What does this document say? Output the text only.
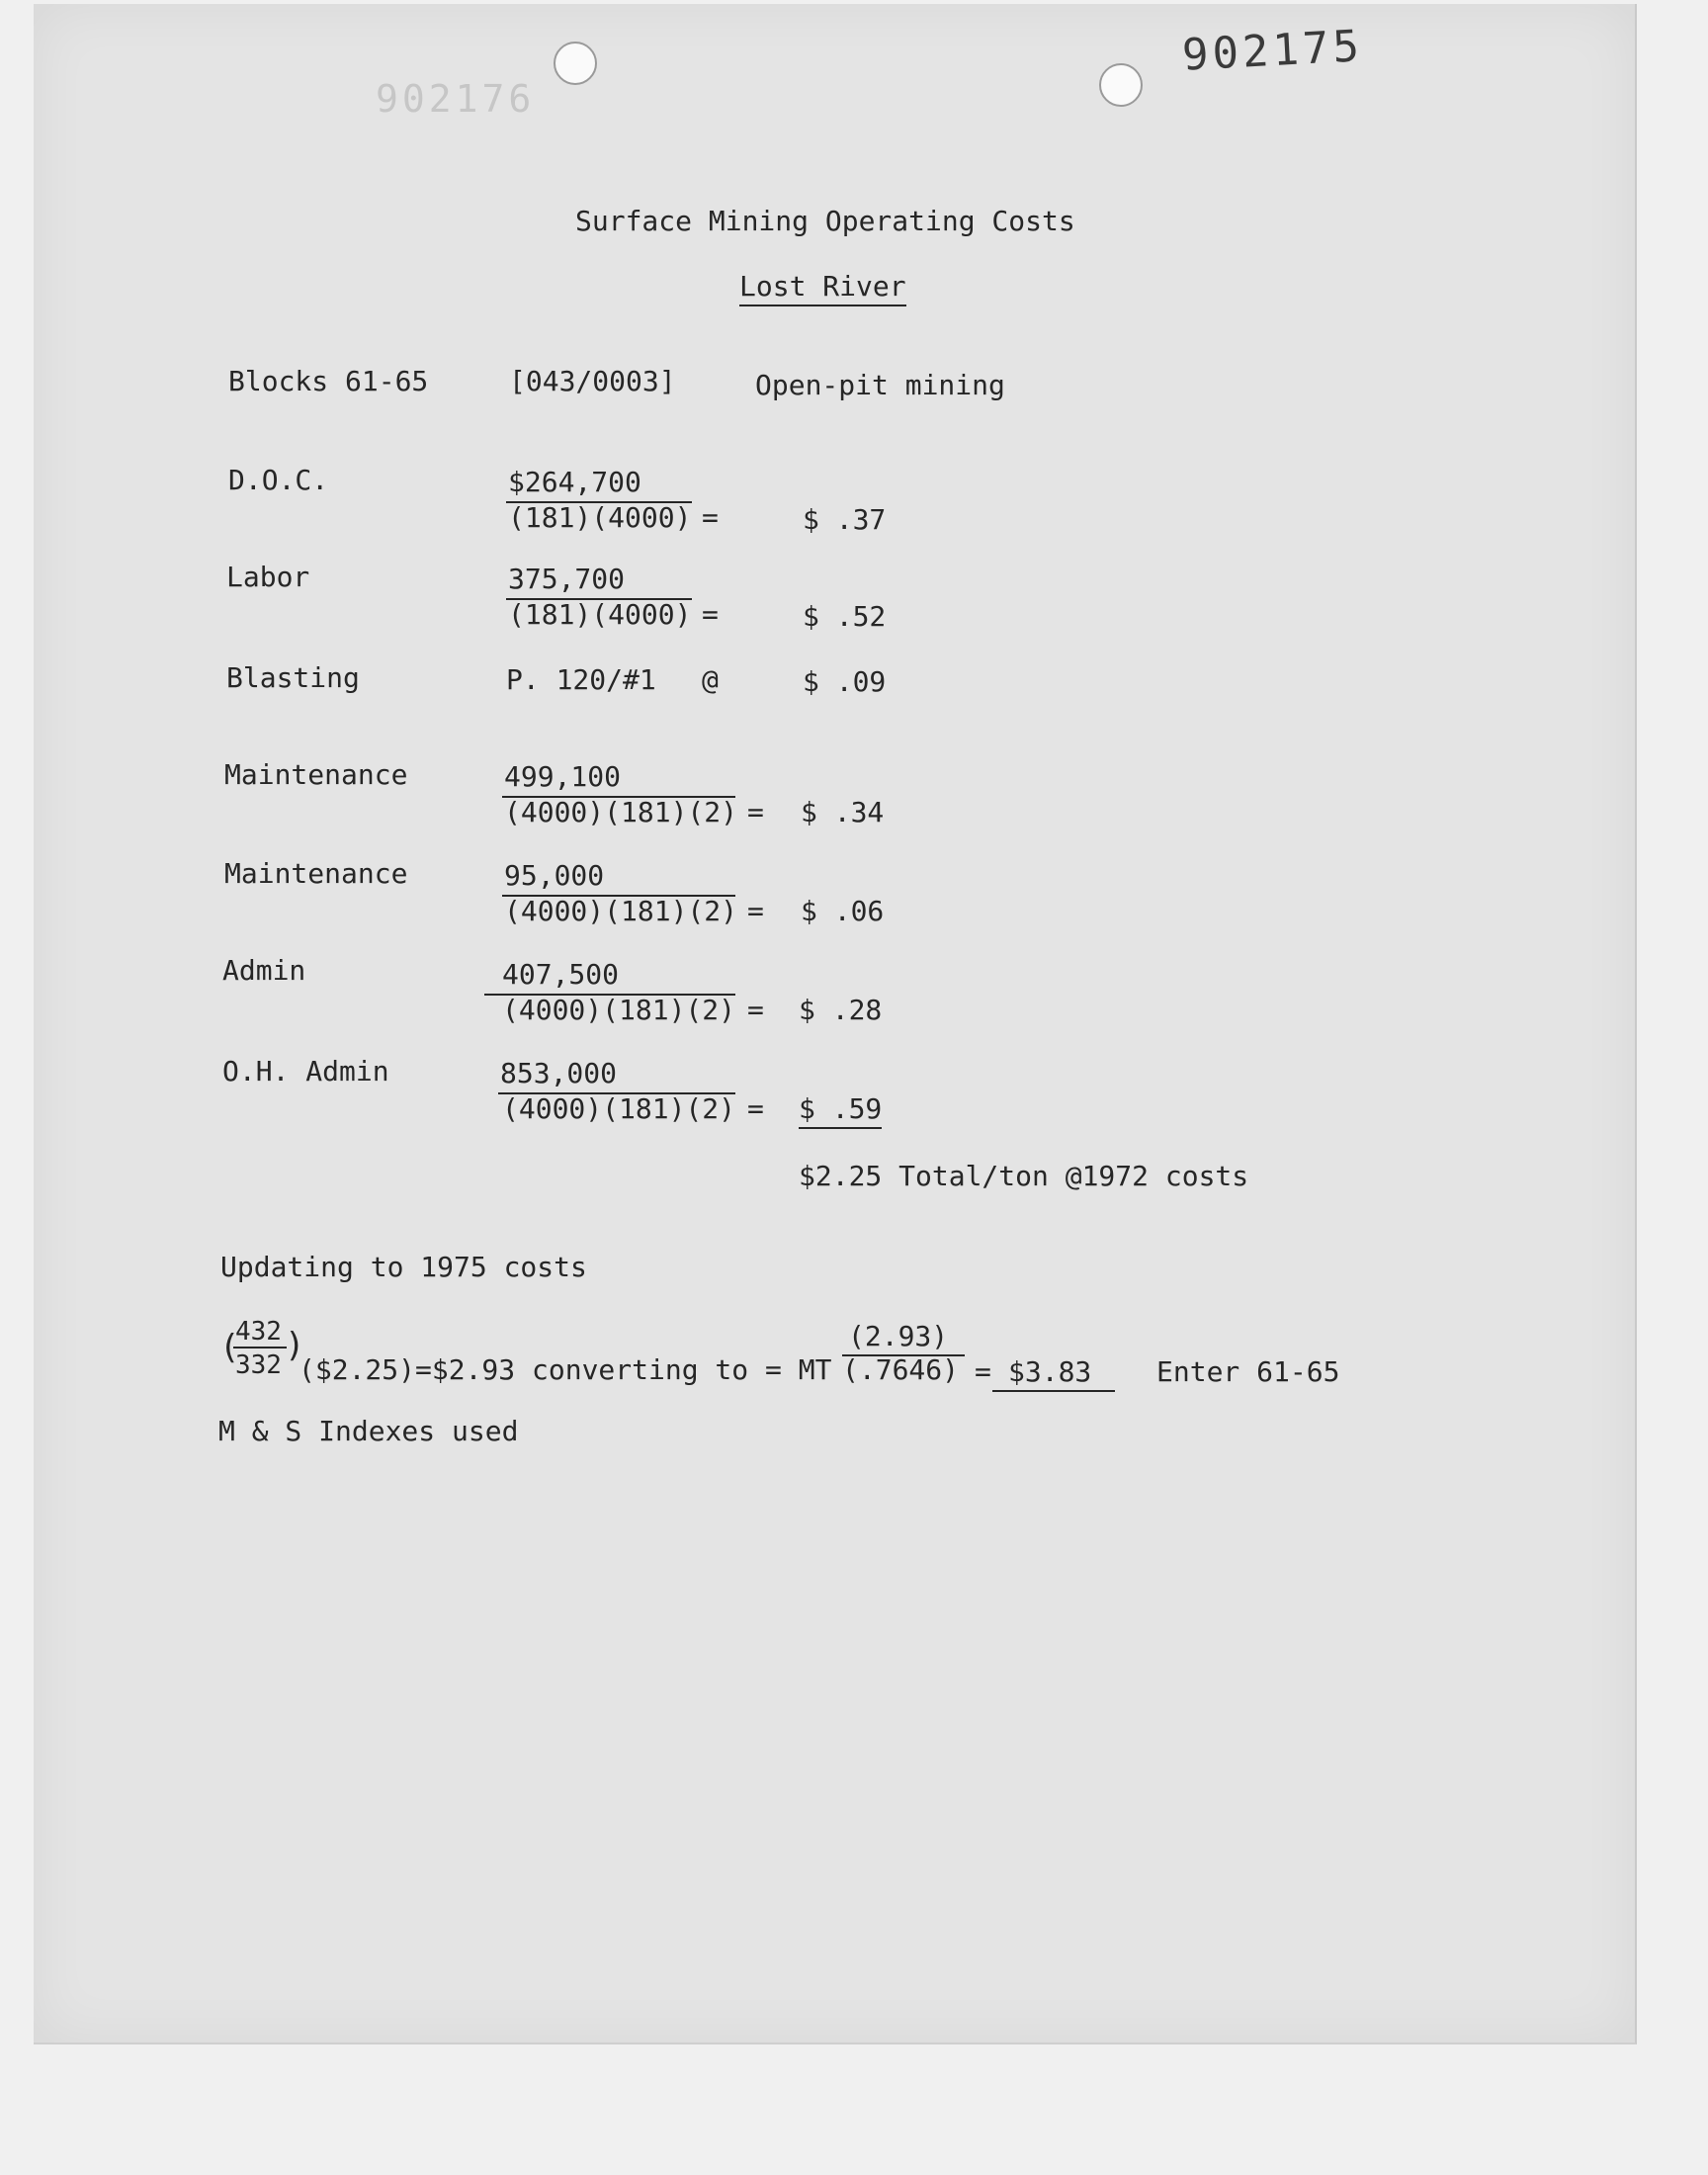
902176
902175
Surface Mining Operating Costs
Lost River
Blocks 61-65	[043/0003]	Open-pit mining
D.O.C.	$264,700
(181)(4000) =	$ .37
Labor	375,700
(181)(4000) =	$ .52
Blasting	P. 120/#1 @	$ .09
Maintenance	499,100
(4000)(181)(2) = $ .34
Maintenance	95,000
(4000)(181)(2) = $ .06
Admin	407,500
(4000)(181)(2) = $ .28
O.H. Admin	853,000
(4000)(181)(2) = $ .59
$2.25 Total/ton @1972 costs
Updating to 1975 costs
(
432
332 )
($2.25)=$2.93 converting to = MT
(2.93)
(.7646) = $3.83 Enter 61-65
M & S Indexes used
